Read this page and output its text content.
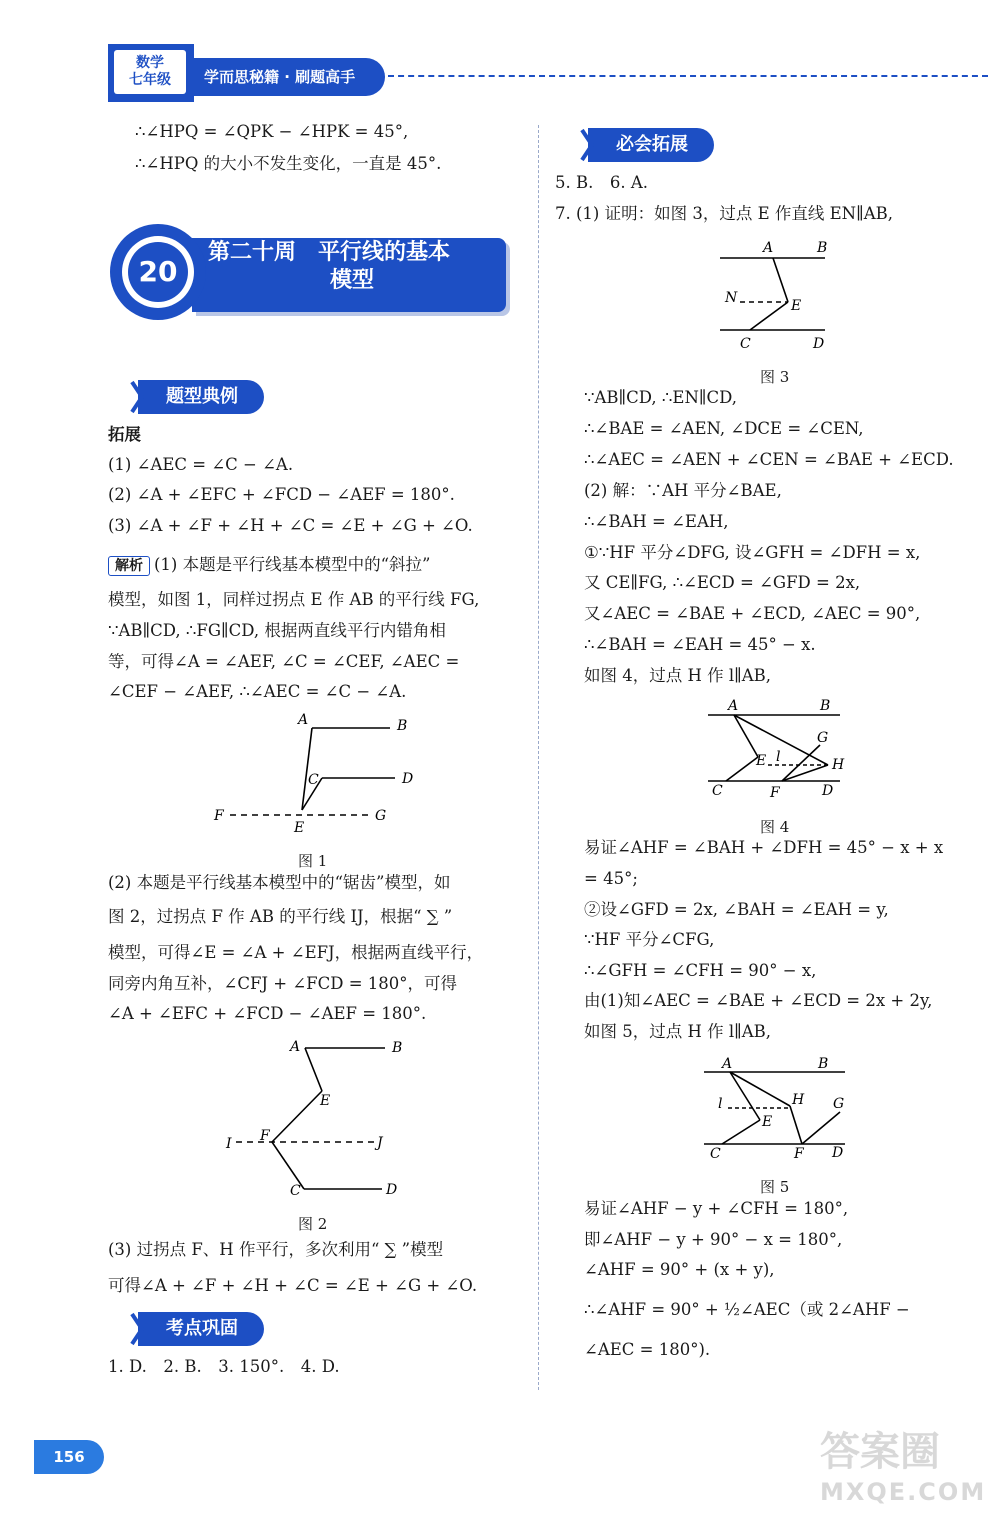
数学
七年级	学而思秘籍 · 刷题高手
∴∠HPQ = ∠QPK − ∠HPK = 45°,
∴∠HPQ 的大小不发生变化，一直是 45°.
20
第二十周　平行线的基本
模型
题型典例
拓展
(1) ∠AEC = ∠C − ∠A.
(2) ∠A + ∠EFC + ∠FCD − ∠AEF = 180°.
(3) ∠A + ∠F + ∠H + ∠C = ∠E + ∠G + ∠O.
解析 (1) 本题是平行线基本模型中的“斜拉”
模型，如图 1，同样过拐点 E 作 AB 的平行线 FG,
∵AB∥CD, ∴FG∥CD, 根据两直线平行内错角相
等，可得∠A = ∠AEF, ∠C = ∠CEF, ∠AEC =
∠CEF − ∠AEF, ∴∠AEC = ∠C − ∠A.
A	B
C	D
F
E
G
图 1
(2) 本题是平行线基本模型中的“锯齿”模型，如
图 2，过拐点 F 作 AB 的平行线 IJ，根据“ ∑ ”
模型，可得∠E = ∠A + ∠EFJ，根据两直线平行，
同旁内角互补，∠CFJ + ∠FCD = 180°，可得
∠A + ∠EFC + ∠FCD − ∠AEF = 180°.
A	B
E
F
I	J
C	D
图 2
(3) 过拐点 F、H 作平行，多次利用“ ∑ ”模型
可得∠A + ∠F + ∠H + ∠C = ∠E + ∠G + ∠O.
考点巩固
1. D.　2. B.　3. 150°.　4. D.
必会拓展
5. B.　6. A.
7. (1) 证明：如图 3，过点 E 作直线 EN∥AB,
A	B
N	E
C	D
图 3
∵AB∥CD, ∴EN∥CD,
∴∠BAE = ∠AEN, ∠DCE = ∠CEN,
∴∠AEC = ∠AEN + ∠CEN = ∠BAE + ∠ECD.
(2) 解：∵AH 平分∠BAE,
∴∠BAH = ∠EAH,
①∵HF 平分∠DFG, 设∠GFH = ∠DFH = x,
又 CE∥FG, ∴∠ECD = ∠GFD = 2x,
又∠AEC = ∠BAE + ∠ECD, ∠AEC = 90°,
∴∠BAH = ∠EAH = 45° − x.
如图 4，过点 H 作 l∥AB,
A	B
E l
G
H
C	F	D
图 4
易证∠AHF = ∠BAH + ∠DFH = 45° − x + x
= 45°;
②设∠GFD = 2x, ∠BAH = ∠EAH = y,
∵HF 平分∠CFG,
∴∠GFH = ∠CFH = 90° − x,
由(1)知∠AEC = ∠BAE + ∠ECD = 2x + 2y,
如图 5，过点 H 作 l∥AB,
A	B
l	H G
E
C	F D
图 5
易证∠AHF − y + ∠CFH = 180°,
即∠AHF − y + 90° − x = 180°,
∠AHF = 90° + (x + y),
∴∠AHF = 90° + ½∠AEC（或 2∠AHF −
∠AEC = 180°).
156	答案圈
MXQE.COM
